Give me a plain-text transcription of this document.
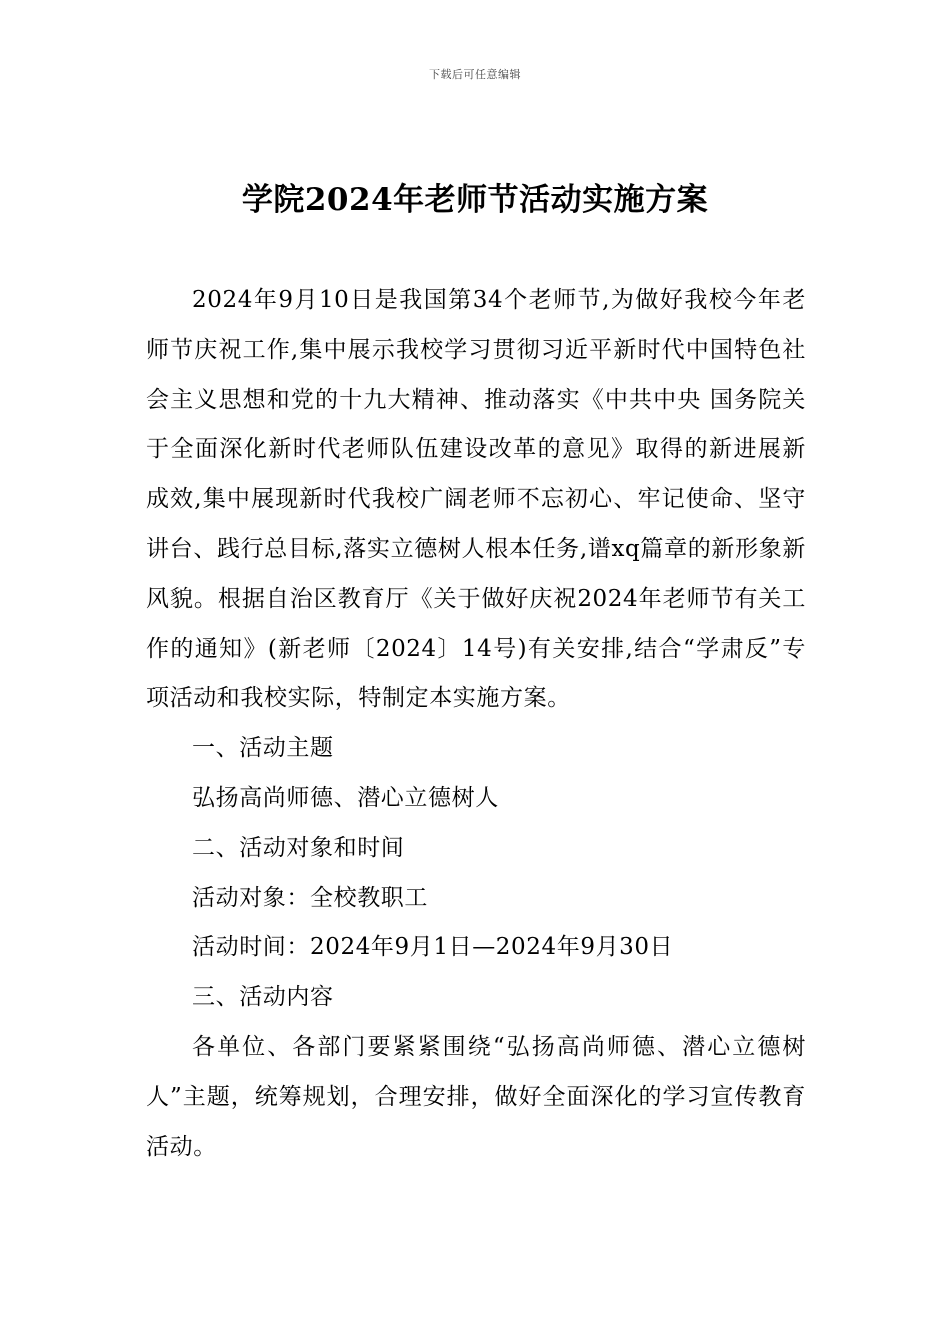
下载后可任意编辑
学院2024年老师节活动实施方案

2024年9月10日是我国第34个老师节,为做好我校今年老师节庆祝工作,集中展示我校学习贯彻习近平新时代中国特色社会主义思想和党的十九大精神、推动落实《中共中央 国务院关于全面深化新时代老师队伍建设改革的意见》取得的新进展新成效,集中展现新时代我校广阔老师不忘初心、牢记使命、坚守讲台、践行总目标,落实立德树人根本任务,谱xq篇章的新形象新风貌。根据自治区教育厅《关于做好庆祝2024年老师节有关工作的通知》(新老师〔2024〕14号)有关安排,结合“学肃反”专项活动和我校实际，特制定本实施方案。

一、活动主题

弘扬高尚师德、潜心立德树人

二、活动对象和时间

活动对象：全校教职工

活动时间：2024年9月1日—2024年9月30日

三、活动内容

各单位、各部门要紧紧围绕“弘扬高尚师德、潜心立德树人”主题，统筹规划，合理安排，做好全面深化的学习宣传教育活动。
